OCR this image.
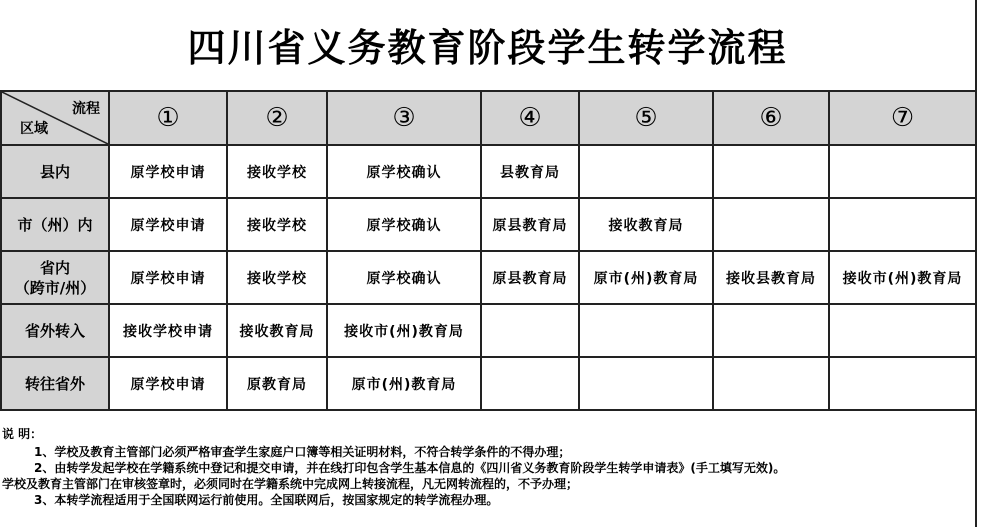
四川省义务教育阶段学生转学流程
流程
区域	①	②	③	④	⑤	⑥	⑦
县内	原学校申请	接收学校	原学校确认	县教育局			
市（州）内	原学校申请	接收学校	原学校确认	原县教育局	接收教育局		
省内
（跨市/州）	原学校申请	接收学校	原学校确认	原县教育局	原市(州)教育局	接收县教育局	接收市(州)教育局
省外转入	接收学校申请	接收教育局	接收市(州)教育局				
转往省外	原学校申请	原教育局	原市(州)教育局				
说 明：
1、学校及教育主管部门必须严格审查学生家庭户口簿等相关证明材料，不符合转学条件的不得办理；
2、由转学发起学校在学籍系统中登记和提交申请，并在线打印包含学生基本信息的《四川省义务教育阶段学生转学申请表》(手工填写无效)。
学校及教育主管部门在审核签章时，必须同时在学籍系统中完成网上转接流程，凡无网转流程的，不予办理；
3、本转学流程适用于全国联网运行前使用。全国联网后，按国家规定的转学流程办理。
